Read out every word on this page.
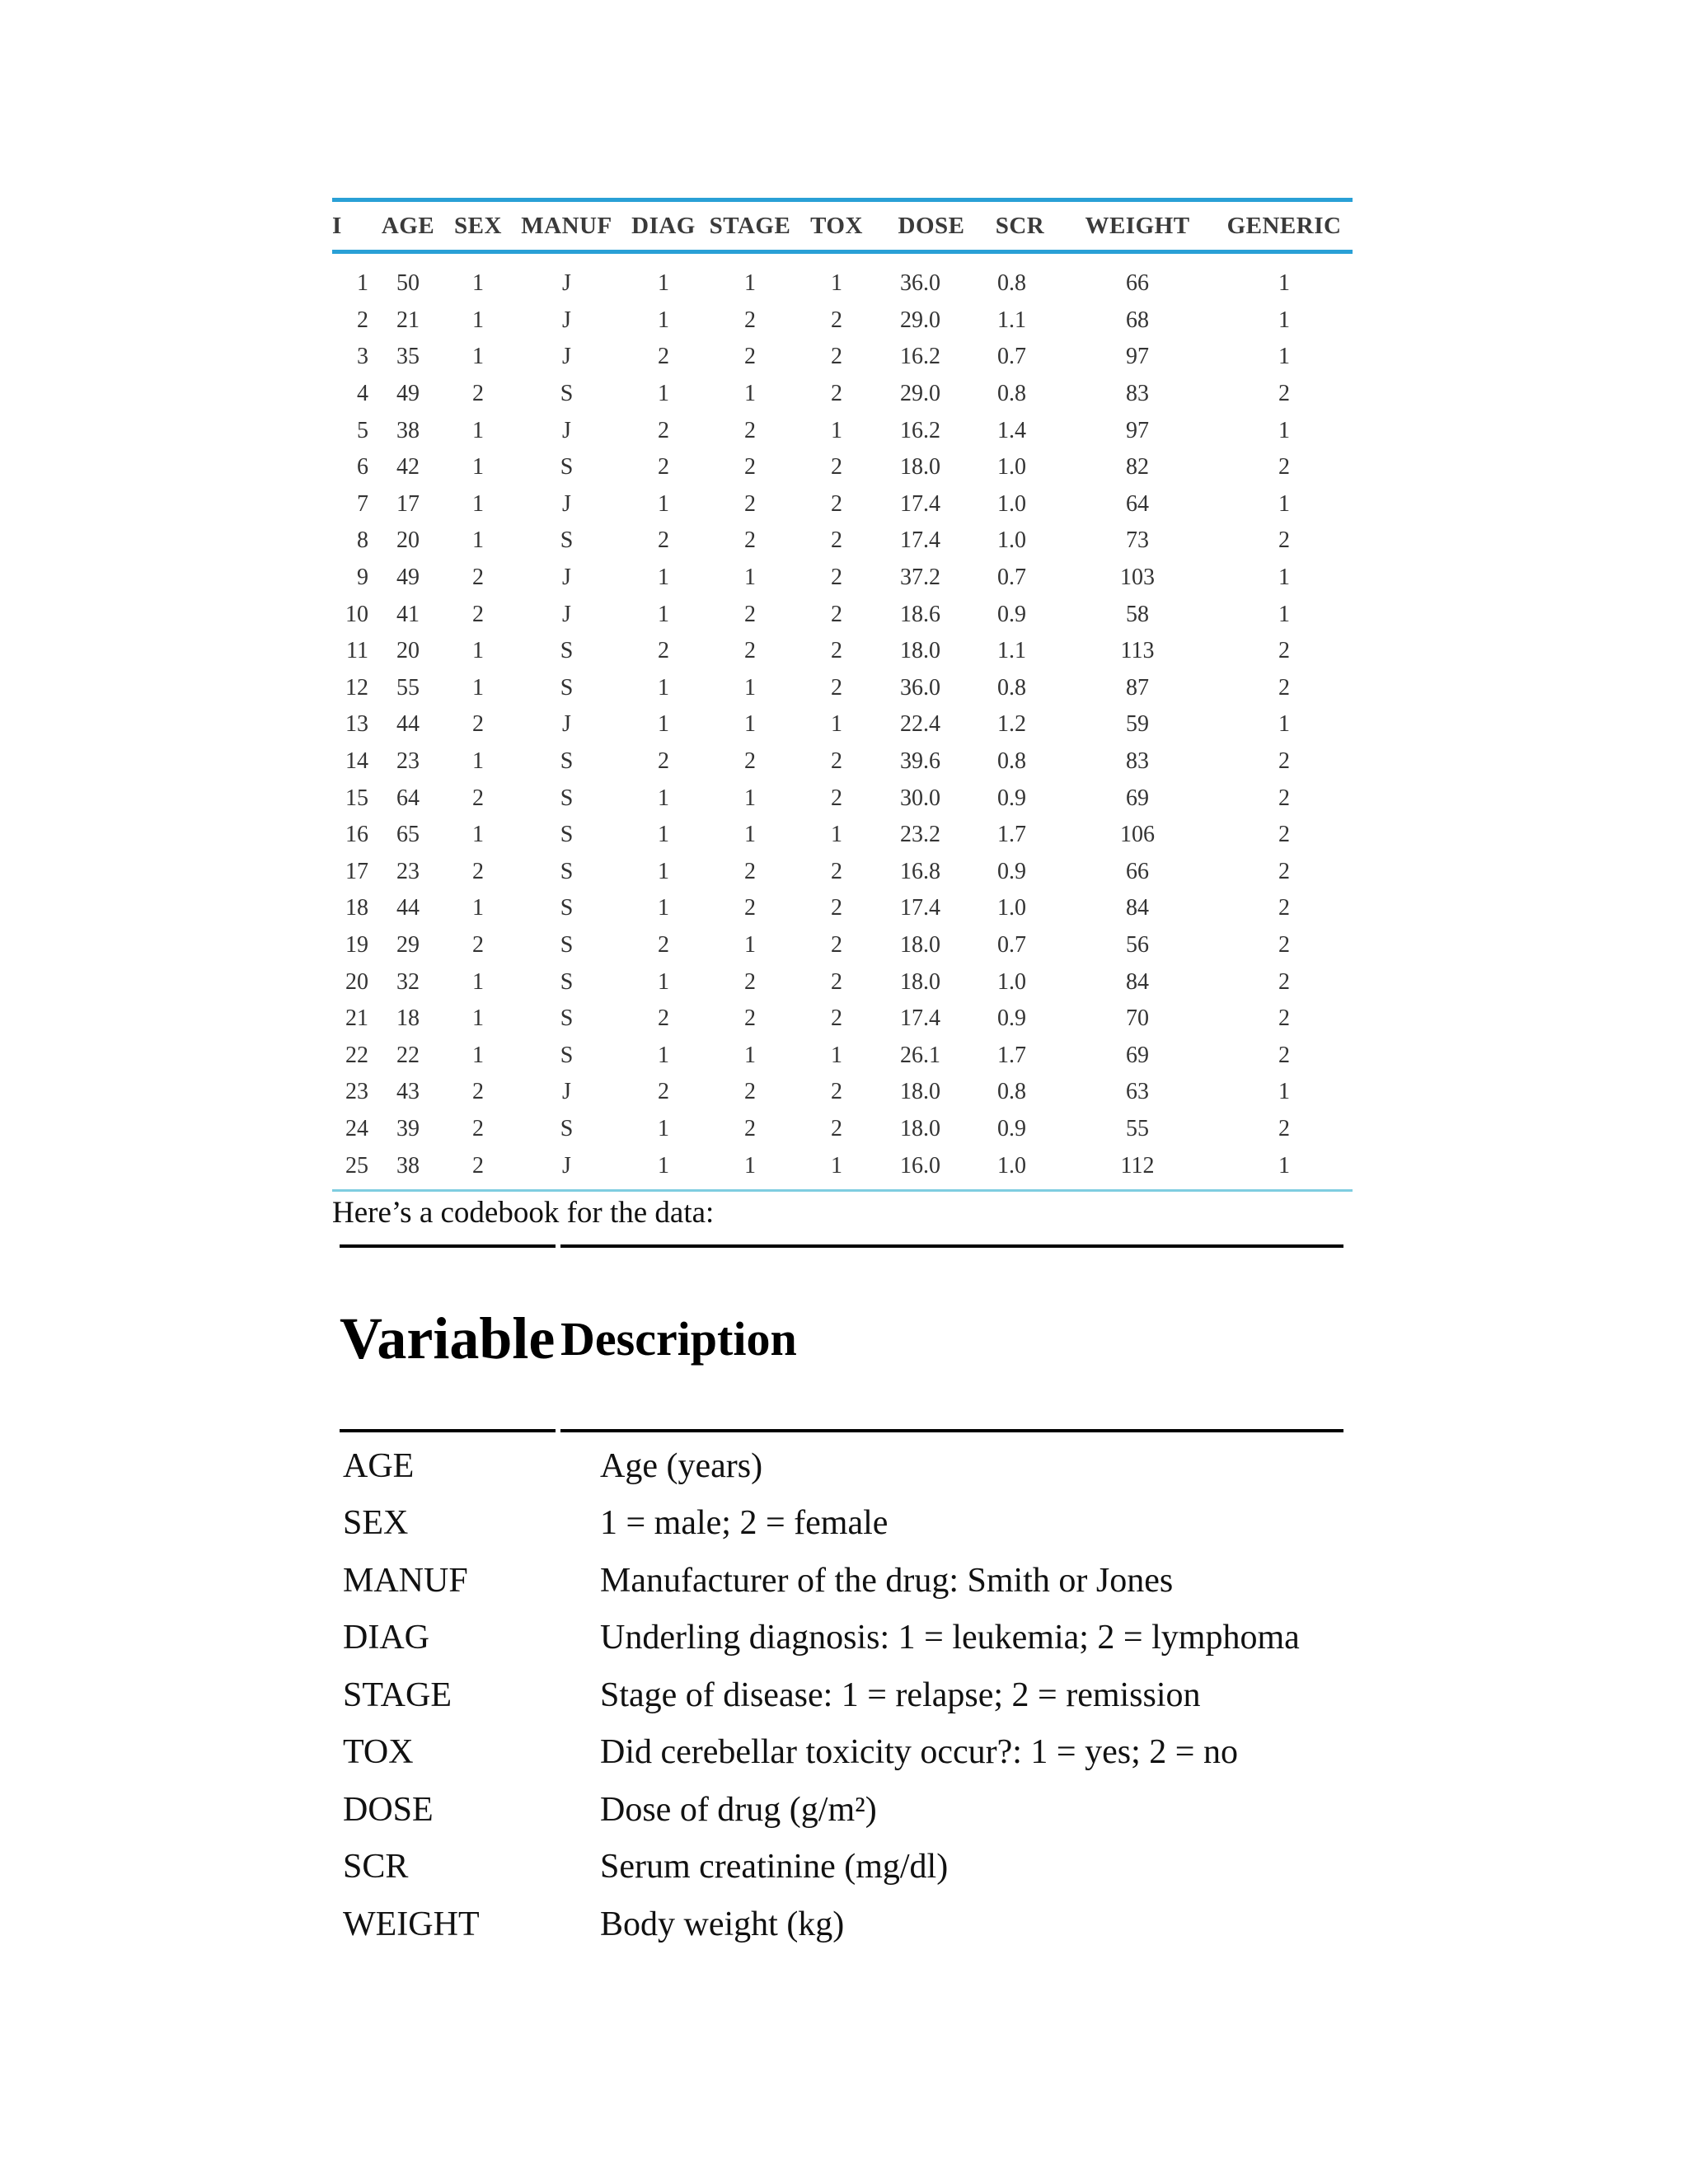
I	AGE	SEX	MANUF	DIAG	STAGE	TOX	DOSE	SCR	WEIGHT	GENERIC
1	50	1	J	1	1	1	36.0	0.8	66	1
2	21	1	J	1	2	2	29.0	1.1	68	1
3	35	1	J	2	2	2	16.2	0.7	97	1
4	49	2	S	1	1	2	29.0	0.8	83	2
5	38	1	J	2	2	1	16.2	1.4	97	1
6	42	1	S	2	2	2	18.0	1.0	82	2
7	17	1	J	1	2	2	17.4	1.0	64	1
8	20	1	S	2	2	2	17.4	1.0	73	2
9	49	2	J	1	1	2	37.2	0.7	103	1
10	41	2	J	1	2	2	18.6	0.9	58	1
11	20	1	S	2	2	2	18.0	1.1	113	2
12	55	1	S	1	1	2	36.0	0.8	87	2
13	44	2	J	1	1	1	22.4	1.2	59	1
14	23	1	S	2	2	2	39.6	0.8	83	2
15	64	2	S	1	1	2	30.0	0.9	69	2
16	65	1	S	1	1	1	23.2	1.7	106	2
17	23	2	S	1	2	2	16.8	0.9	66	2
18	44	1	S	1	2	2	17.4	1.0	84	2
19	29	2	S	2	1	2	18.0	0.7	56	2
20	32	1	S	1	2	2	18.0	1.0	84	2
21	18	1	S	2	2	2	17.4	0.9	70	2
22	22	1	S	1	1	1	26.1	1.7	69	2
23	43	2	J	2	2	2	18.0	0.8	63	1
24	39	2	S	1	2	2	18.0	0.9	55	2
25	38	2	J	1	1	1	16.0	1.0	112	1
Here’s a codebook for the data:
Variable	Description
AGE	Age (years)
SEX	1 = male; 2 = female
MANUF	Manufacturer of the drug: Smith or Jones
DIAG	Underling diagnosis: 1 = leukemia; 2 = lymphoma
STAGE	Stage of disease: 1 = relapse; 2 = remission
TOX	Did cerebellar toxicity occur?: 1 = yes; 2 = no
DOSE	Dose of drug (g/m²)
SCR	Serum creatinine (mg/dl)
WEIGHT	Body weight (kg)
